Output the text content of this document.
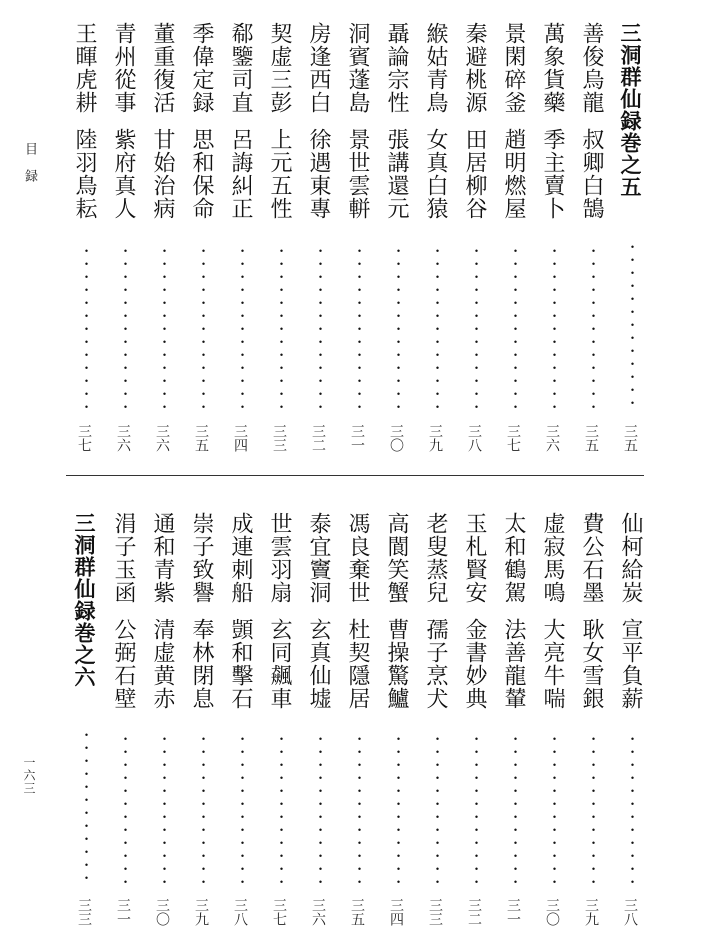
目録
一六三
三洞群仙録巻之五
・・・・・・・・・・・・・
三五
善俊烏龍叔卿白鵠
・・・・・・・・・・・・・
三五
萬象貨藥季主賣卜
・・・・・・・・・・・・・
三六
景閑碎釜趙明燃屋
・・・・・・・・・・・・・
三七
秦避桃源田居柳谷
・・・・・・・・・・・・・
三八
緱姑青鳥女真白猿
・・・・・・・・・・・・・
三九
聶論宗性張講還元
・・・・・・・・・・・・・
三〇
洞賓蓬島景世雲軿
・・・・・・・・・・・・・
三一
房逢西白徐遇東專
・・・・・・・・・・・・・
三二
契虚三彭上元五性
・・・・・・・・・・・・・
三三
郗鑒司直呂誨糾正
・・・・・・・・・・・・・
三四
季偉定録思和保命
・・・・・・・・・・・・・
三五
董重復活甘始治病
・・・・・・・・・・・・・
三六
青州從事紫府真人
・・・・・・・・・・・・・
三六
王暉虎耕陸羽鳥耘
・・・・・・・・・・・・・
三七
仙柯給炭宣平負薪
・・・・・・・・・・・・
三八
費公石墨耿女雪銀
・・・・・・・・・・・・
三九
虚寂馬鳴大亮牛喘
・・・・・・・・・・・・
三〇
太和鶴駕法善龍輦
・・・・・・・・・・・・
三一
玉札賢安金書妙典
・・・・・・・・・・・・
三二
老叟蒸兒孺子烹犬
・・・・・・・・・・・・
三三
高閬笑蟹曹操驚鱸
・・・・・・・・・・・・
三四
馮良棄世杜契隱居
・・・・・・・・・・・・
三五
泰宜竇洞玄真仙墟
・・・・・・・・・・・・
三六
世雲羽扇玄同飆車
・・・・・・・・・・・・
三七
成連刺船顗和擊石
・・・・・・・・・・・・
三八
崇子致譽奉林閉息
・・・・・・・・・・・・
三九
通和青紫清虚黄赤
・・・・・・・・・・・・
三〇
涓子玉函公弼石壁
・・・・・・・・・・・・
三一
三洞群仙録巻之六
・・・・・・・・・・・・
三三
